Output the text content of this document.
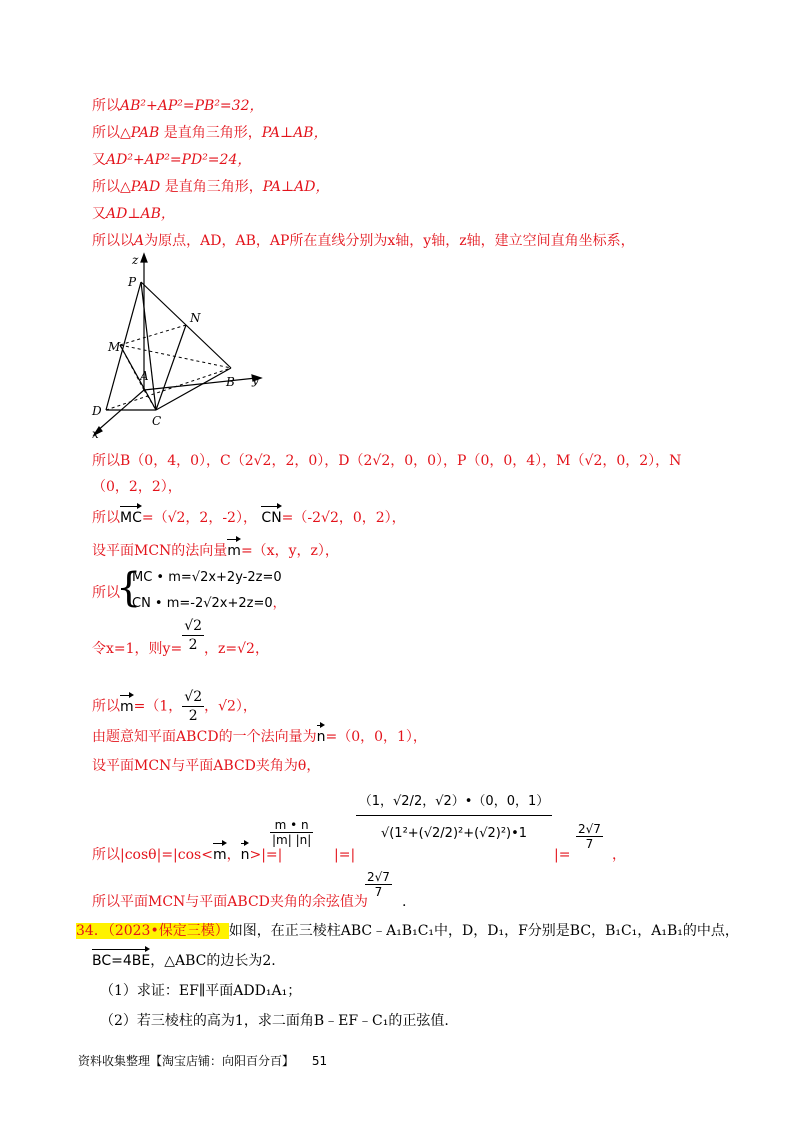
所以AB²+AP²=PB²=32，
所以△PAB 是直角三角形，PA⊥AB，
又AD²+AP²=PD²=24，
所以△PAD 是直角三角形，PA⊥AD，
又AD⊥AB，
所以以A为原点，AD，AB，AP所在直线分别为x轴，y轴，z轴，建立空间直角坐标系，
z
P
N
M
A	B y
D
C
x
所以B（0，4，0），C（2√2，2，0），D（2√2，0，0），P（0，0，4），M（√2，0，2），N
（0，2，2），
所以MC=（√2，2，-2）， CN=（-2√2，0，2），
设平面MCN的法向量m=（x，y，z），
所以
{
MC • m=√2x+2y-2z=0
CN • m=-2√2x+2z=0，
令x=1，则$y= \frac{√2}{2}$ ，z=√2，
所以m=（1， $\frac{√2}{2}$ ，√2），
由题意知平面ABCD的一个法向量为n=（0，0，1），
设平面MCN与平面ABCD夹角为θ，
所以|cosθ|=|cos<m，n>|=|
$\frac{m • n}{|m| |n|}$
|=|
$\frac{(1,√2/2,√2)•(0,0,1)}{\text{√(1²+(√2/2)²+(√2)²)•1}}$
|=
$\frac{2√7}{7}$
，
所以平面MCN与平面ABCD夹角的余弦值为
$\frac{2√7}{7}$
.
34．（2023•保定三模）如图，在正三棱柱ABC﹣A₁B₁C₁中，D，D₁，F分别是BC，B₁C₁，A₁B₁的中点，
BC=4BE，△ABC的边长为2.
（1）求证：EF∥平面ADD₁A₁；
（2）若三棱柱的高为1，求二面角B﹣EF﹣C₁的正弦值.
资料收集整理【淘宝店铺：向阳百分百】 51
